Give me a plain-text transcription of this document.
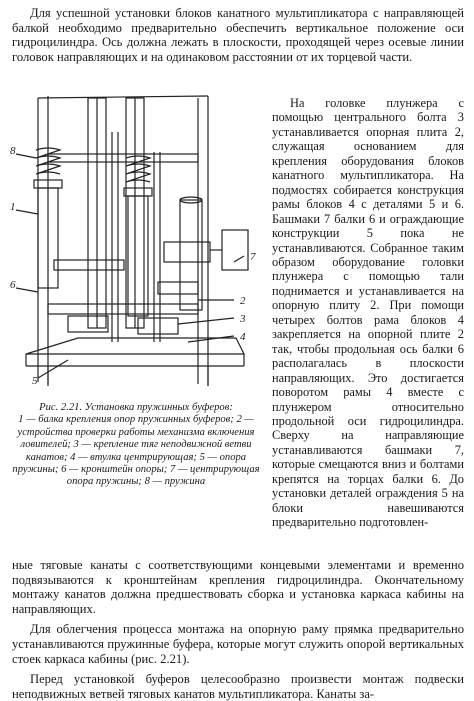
Для успешной установки блоков канатного мультипликатора с направляющей балкой необходимо предварительно обеспечить вертикальное положение оси гидроцилиндра. Ось должна лежать в плоскости, проходящей через осевые линии головок направляющих и на одинаковом расстоянии от их торцевой части.

8
1
6
7
2
3
4
5
Рис. 2.21. Установка пружинных буферов:
1 — балка крепления опор пружинных буферов; 2 — устройства проверки работы механизма включения ловителей; 3 — крепление тяг неподвижной ветви канатов; 4 — втулка центрирующая; 5 — опора пружины; 6 — кронштейн опоры; 7 — центрирующая опора пружины; 8 — пружина

На головке плунжера с помощью центрального болта 3 устанавливается опорная плита 2, служащая основанием для крепления оборудования блоков канатного мультипликатора. На подмостях собирается конструкция рамы блоков 4 с деталями 5 и 6. Башмаки 7 балки 6 и ограждающие конструкции 5 пока не устанавливаются. Собранное таким образом оборудование головки плунжера с помощью тали поднимается и устанавливается на опорную плиту 2. При помощи четырех болтов рама блоков 4 закрепляется на опорной плите 2 так, чтобы продольная ось балки 6 располагалась в плоскости направляющих. Это достигается поворотом рамы 4 вместе с плунжером относительно продольной оси гидроцилиндра. Сверху на направляющие устанавливаются башмаки 7, которые смещаются вниз и болтами крепятся на торцах балки 6. До установки деталей ограждения 5 на блоки навешиваются предварительно подготовлен-

ные тяговые канаты с соответствующими концевыми элементами и временно подвязываются к кронштейнам крепления гидроцилиндра. Окончательному монтажу канатов должна предшествовать сборка и установка каркаса кабины на направляющих.

Для облегчения процесса монтажа на опорную раму прямка предварительно устанавливаются пружинные буфера, которые могут служить опорой вертикальных стоек каркаса кабины (рис. 2.21).

Перед установкой буферов целесообразно произвести монтаж подвески неподвижных ветвей тяговых канатов мультипликатора. Канаты за-
